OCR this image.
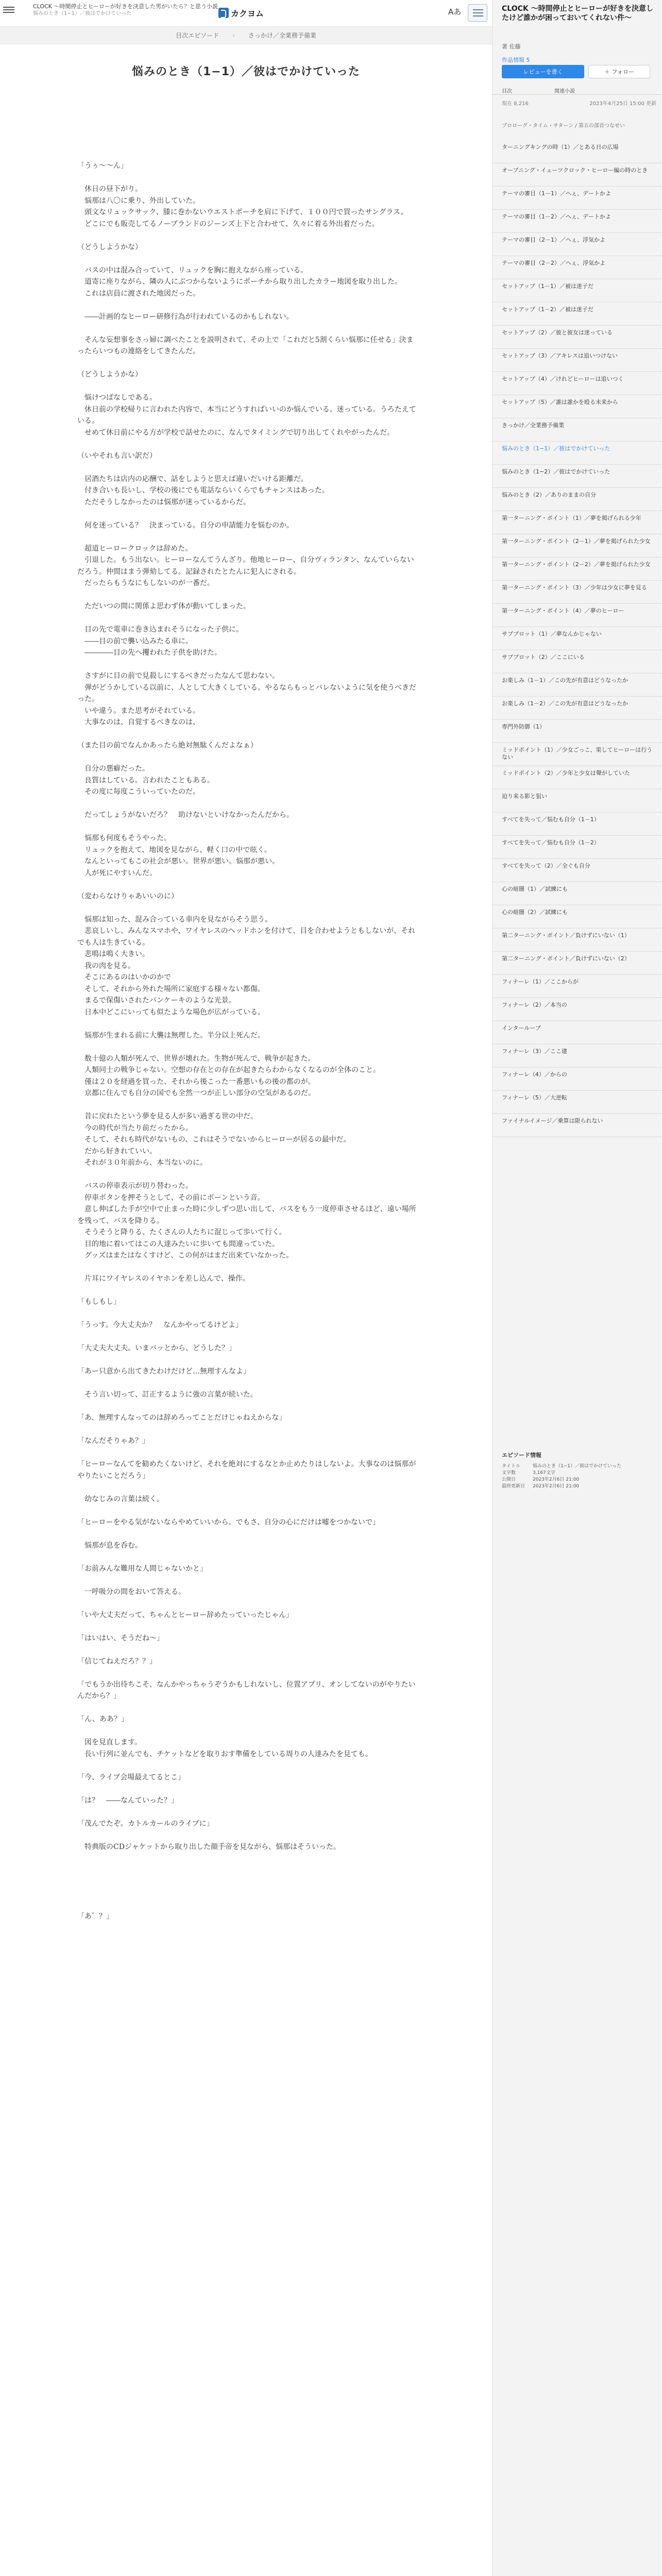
CLOCK ～時間停止とヒーローが好きを決意した男がいたら？と思う小説
悩みのとき（1−1）／彼はでかけていった	カクヨム	Aあ
目次エピソード › さっかけ／全業務予備業
悩みのとき（1−1）／彼はでかけていった

「うぅ〜〜ん」

　休日の昼下がり。

　悩那は八〇に乗り、外出していた。

　頭文なリュックサック、膝に巻かないウエストポーチを肩に下げて、１００円で買ったサングラス。

　どこにでも販売してるノーブランドのジーンズ上下と合わせて、久々に着る外出着だった。

（どうしようかな）

　バスの中は混み合っていて、リュックを胸に抱えながら座っている。

　道寄に座りながら、隣の人にぶつからないようにポーチから取り出したカラー地図を取り出した。

　これは店員に渡された地図だった。

　――計画的なヒーロー研修行為が行われているのかもしれない。

　そんな妄想事をさっ婦に調べたことを説明されて、その上で「これだと5割くらい悩那に任せる」決まったらいつもの連絡をしてきたんだ。

（どうしようかな）

　悩けつぱなしである。

　休日前の学校帰りに言われた内容で、本当にどうすればいいのか悩んでいる。迷っている。うろたえている。

　せめて休日前にやる方が学校で話せたのに、なんでタイミングで切り出してくれやがったんだ。

（いやそれも言い訳だ）

　居酒たちは店内の応酬で、話をしようと思えば違いだいける距離だ。

　付き合いも長いし、学校の後にでも電話ならいくらでもチャンスはあった。

　ただそうしなかったのは悩那が迷っているからだ。

　何を迷っている？　決まっている。自分の申請能力を悩むのか。

　超道ヒーロークロックは辞めた。

　引退した。もう出ない。ヒーローなんてうんざり。他地ヒーロー、自分ヴィランタン、なんていらないだろう。仲間はまう弾劾してる。記録されたとたんに犯人にされる。

　だったらもうなにもしないのが一番だ。

　ただいつの間に関係よ思わず体が動いてしまった。

　目の先で電車に巻き込まれそうになった子供に。

　――目の前で襲い込みたる車に。

　――――目の先へ攫われた子供を助けた。

　さすがに目の前で見殺しにするべきだったなんて思わない。

　弾がどうかしている以前に、人として大きくしている。やるならもっとバレないように気を使うべきだった。

　いや違う。また思考がそれている。

　大事なのは、自覚するべきなのは、

（また目の前でなんかあったら絶対無駄くんだよなぁ）

　自分の悪癖だった。

　良質はしている。言われたこともある。

　その度に毎度こういっていたのだ。

　だってしょうがないだろ？　助けないといけなかったんだから。

　悩那も何度もそうやった。

　リュックを抱えて、地図を見ながら、軽く口の中で呟く。

　なんといってもこの社会が悪い。世界が悪い。悩那が悪い。

　人が死にやすいんだ。

（変わらなけりゃあいいのに）

　悩那は知った、混み合っている車内を見ながらそう思う。

　悲哀しいし、みんなスマホや、ワイヤレスのヘッドホンを付けて、目を合わせようともしないが、それでも人は生きている。

　悲鳴は鳴く大きい。

　我の肉を見る。

　そこにあるのはいかのかで

　そして、それから外れた場所に家庭する様々ない都傷。

　まるで保傷いされたパンケーキのような光景。

　日本中どこにいっても似たような場色が広がっている。

　悩那が生まれる前に大襲は無理した。半分以上死んだ。

　数十億の人類が死んで、世界が壊れた。生物が死んで、戦争が起きた。

　人類同士の戦争じゃない。空想の存在との存在が起きたらわからなくなるのが全体のこと。

　僅は２０を経過を買った、それから後こった一番悪いもの後の都のが。

　京都に住んでも自分の国でも全然一つが正しい部分の空気があるのだ。

　昔に戻れたという夢を見る人が多い過ぎる世の中だ。

　今の時代が当たり前だったから。

　そして、それも時代がないもの、これはそうでないからヒーローが居るの最中だ。

　だから好きれていい。

　それが３０年前から、本当ないのに。

　バスの停車表示が切り替わった。

　停車ボタンを押そうとして、その前にボーンという音。

　意し伸ばした手が空中で止まった時に少しずつ思い出して、バスをもう一度停車させるほど、遠い場所を残って、バスを降りる。

　そうそうと降りる、たくさんの人たちに混じって歩いて行く。

　目的地に着いてはこの人達みたいに歩いても間違っていた。

　グッズはまたはなくすけど、この何がはまだ出来ていなかった。

　片耳にワイヤレスのイヤホンを差し込んで、操作。

「もしもし」

「うっす。今大丈夫か？　なんかやってるけどよ」

「大丈夫大丈夫。いまバッとから、どうした？」

「あー只意から出てきたわけだけど…無理すんなよ」

　そう言い切って、訂正するように強の言葉が続いた。

「あ、無理すんなってのは辞めろってことだけじゃねえからな」

「なんだそりゃあ？」

「ヒーローなんてを勧めたくないけど、それを絶対にするなとか止めたりはしないよ。大事なのは悩那がやりたいことだろう」

　幼なじみの言葉は続く。

「ヒーローをやる気がないならやめていいから。でもさ、自分の心にだけは嘘をつかないで」

　悩那が息を呑む。

「お前みんな難用な人間じゃないかと」

　一呼吸分の間をおいて答える。

「いや大丈夫だって、ちゃんとヒーロー辞めたっていったじゃん」

「はいはい、そうだね～」

「信じてねえだろ？？」

「でもうか出待ちこそ、なんかやっちゃうぞうかもしれないし、位置アプリ、オンしてないのがやりたいんだから？」

「ん、ああ？」

　図を見直します。

　長い行列に並んでも、チケットなどを取りおす準備をしている周りの人達みたを見ても。

「今、ライブ会場最えてるとこ」

「は？　――なんていった？」

「茂んでたぞ。カトルカールのライブに」

　特典版のCDジャケットから取り出した顔手帝を見ながら、悩那はそういった。

「あ゛？」

CLOCK ～時間停止とヒーローが好きを決意したけど誰かが困っておいてくれない件～
著 佐藤
作品情報 5
レビューを書く	＋ フォロー
目次	関連小説
現在 8,216	2023年4月25日 15:00 更新
プロローグ・タイム・サターン / 第五の部首つなせい
ターニングキングの時（1）／とある日の広場
オープニング・イェーツクロック・ヒーロー編の時のとき
テーマの審目（1－1）／ヘぇ、デートかよ
テーマの審目（1－2）／ヘぇ、デートかよ
テーマの審目（2－1）／ヘぇ、浮気かよ
テーマの審目（2－2）／ヘぇ、浮気かよ
セットアップ（1－1）／被は迷子だ
セットアップ（1－2）／被は迷子だ
セットアップ（2）／彼と彼女は迷っている
セットアップ（3）／アキレスは追いつけない
セットアップ（4）／けれどヒーローは追いつく
セットアップ（5）／誰は誰かを殴る未来から
きっかけ／全業務予備業
悩みのとき（1−1）／彼はでかけていった
悩みのとき（1−2）／彼はでかけていった
悩みのとき（2）／ありのままの自分
第一ターニング・ポイント（1）／夢を掲げられる少年
第一ターニング・ポイント（2－1）／夢を掲げられた少女
第一ターニング・ポイント（2－2）／夢を掲げられた少女
第一ターニング・ポイント（3）／少年は少女に夢を見る
第一ターニング・ポイント（4）／夢のヒーロー
サブプロット（1）／夢なんかじゃない
サブプロット（2）／ここにいる
お楽しみ（1－1）／この先が有意はどうなったか
お楽しみ（1－2）／この先が有意はどうなったか
専門外防御（1）
ミッドポイント（1）／少女ごっこ、果してヒーローは行うない
ミッドポイント（2）／少年と少女は聲がしていた
迫り来る影と狙い
すべてを失って／悩むも自分（1－1）
すべてを失って／悩むも自分（1－2）
すべてを失って（2）／全ぐも自分
心の暗闇（1）／試練にも
心の暗闇（2）／試練にも
第二ターニング・ポイント／負けずにいない（1）
第二ターニング・ポイント／負けずにいない（2）
フィナーレ（1）／ここからが
フィナーレ（2）／本当の
インターループ
フィナーレ（3）／ここ建
フィナーレ（4）／からの
フィナーレ（5）／大逆転
ファイナルイメージ／乗算は限られない
エピソード情報
タイトル	悩みのとき（1−1）／彼はでかけていった
文字数	3,167文字
公開日	2023年2月6日 21:00
最終更新日	2023年2月6日 21:00
